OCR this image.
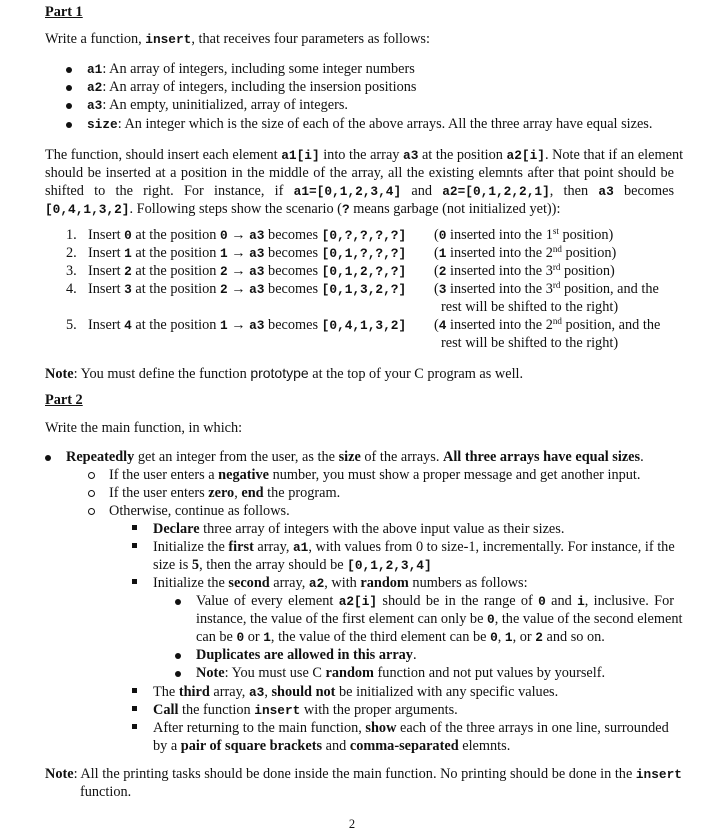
Part 1
Write a function, insert, that receives four parameters as follows:
a1: An array of integers, including some integer numbers
a2: An array of integers, including the insersion positions
a3: An empty, uninitialized, array of integers.
size: An integer which is the size of each of the above arrays. All the three array have equal sizes.
The function, should insert each element a1[i] into the array a3 at the position a2[i]. Note that if an element
should be inserted at a position in the middle of the array, all the existing elemnts after that point should be
shifted to the right. For instance, if a1=[0,1,2,3,4] and a2=[0,1,2,2,1], then a3 becomes
[0,4,1,3,2]. Following steps show the scenario (? means garbage (not initialized yet)):
1. Insert 0 at the position 0 → a3 becomes [0,?,?,?,?]	(0 inserted into the 1st position)
2. Insert 1 at the position 1 → a3 becomes [0,1,?,?,?]	(1 inserted into the 2nd position)
3. Insert 2 at the position 2 → a3 becomes [0,1,2,?,?]	(2 inserted into the 3rd position)
4. Insert 3 at the position 2 → a3 becomes [0,1,3,2,?]	(3 inserted into the 3rd position, and the
rest will be shifted to the right)
5. Insert 4 at the position 1 → a3 becomes [0,4,1,3,2]	(4 inserted into the 2nd position, and the
rest will be shifted to the right)
Note: You must define the function prototype at the top of your C program as well.
Part 2
Write the main function, in which:
Repeatedly get an integer from the user, as the size of the arrays. All three arrays have equal sizes.
If the user enters a negative number, you must show a proper message and get another input.
If the user enters zero, end the program.
Otherwise, continue as follows.
Declare three array of integers with the above input value as their sizes.
Initialize the first array, a1, with values from 0 to size-1, incrementally. For instance, if the
size is 5, then the array should be [0,1,2,3,4]
Initialize the second array, a2, with random numbers as follows:
Value of every element a2[i] should be in the range of 0 and i, inclusive. For
instance, the value of the first element can only be 0, the value of the second element
can be 0 or 1, the value of the third element can be 0, 1, or 2 and so on.
Duplicates are allowed in this array.
Note: You must use C random function and not put values by yourself.
The third array, a3, should not be initialized with any specific values.
Call the function insert with the proper arguments.
After returning to the main function, show each of the three arrays in one line, surrounded
by a pair of square brackets and comma-separated elemnts.
Note: All the printing tasks should be done inside the main function. No printing should be done in the insert
function.
2
